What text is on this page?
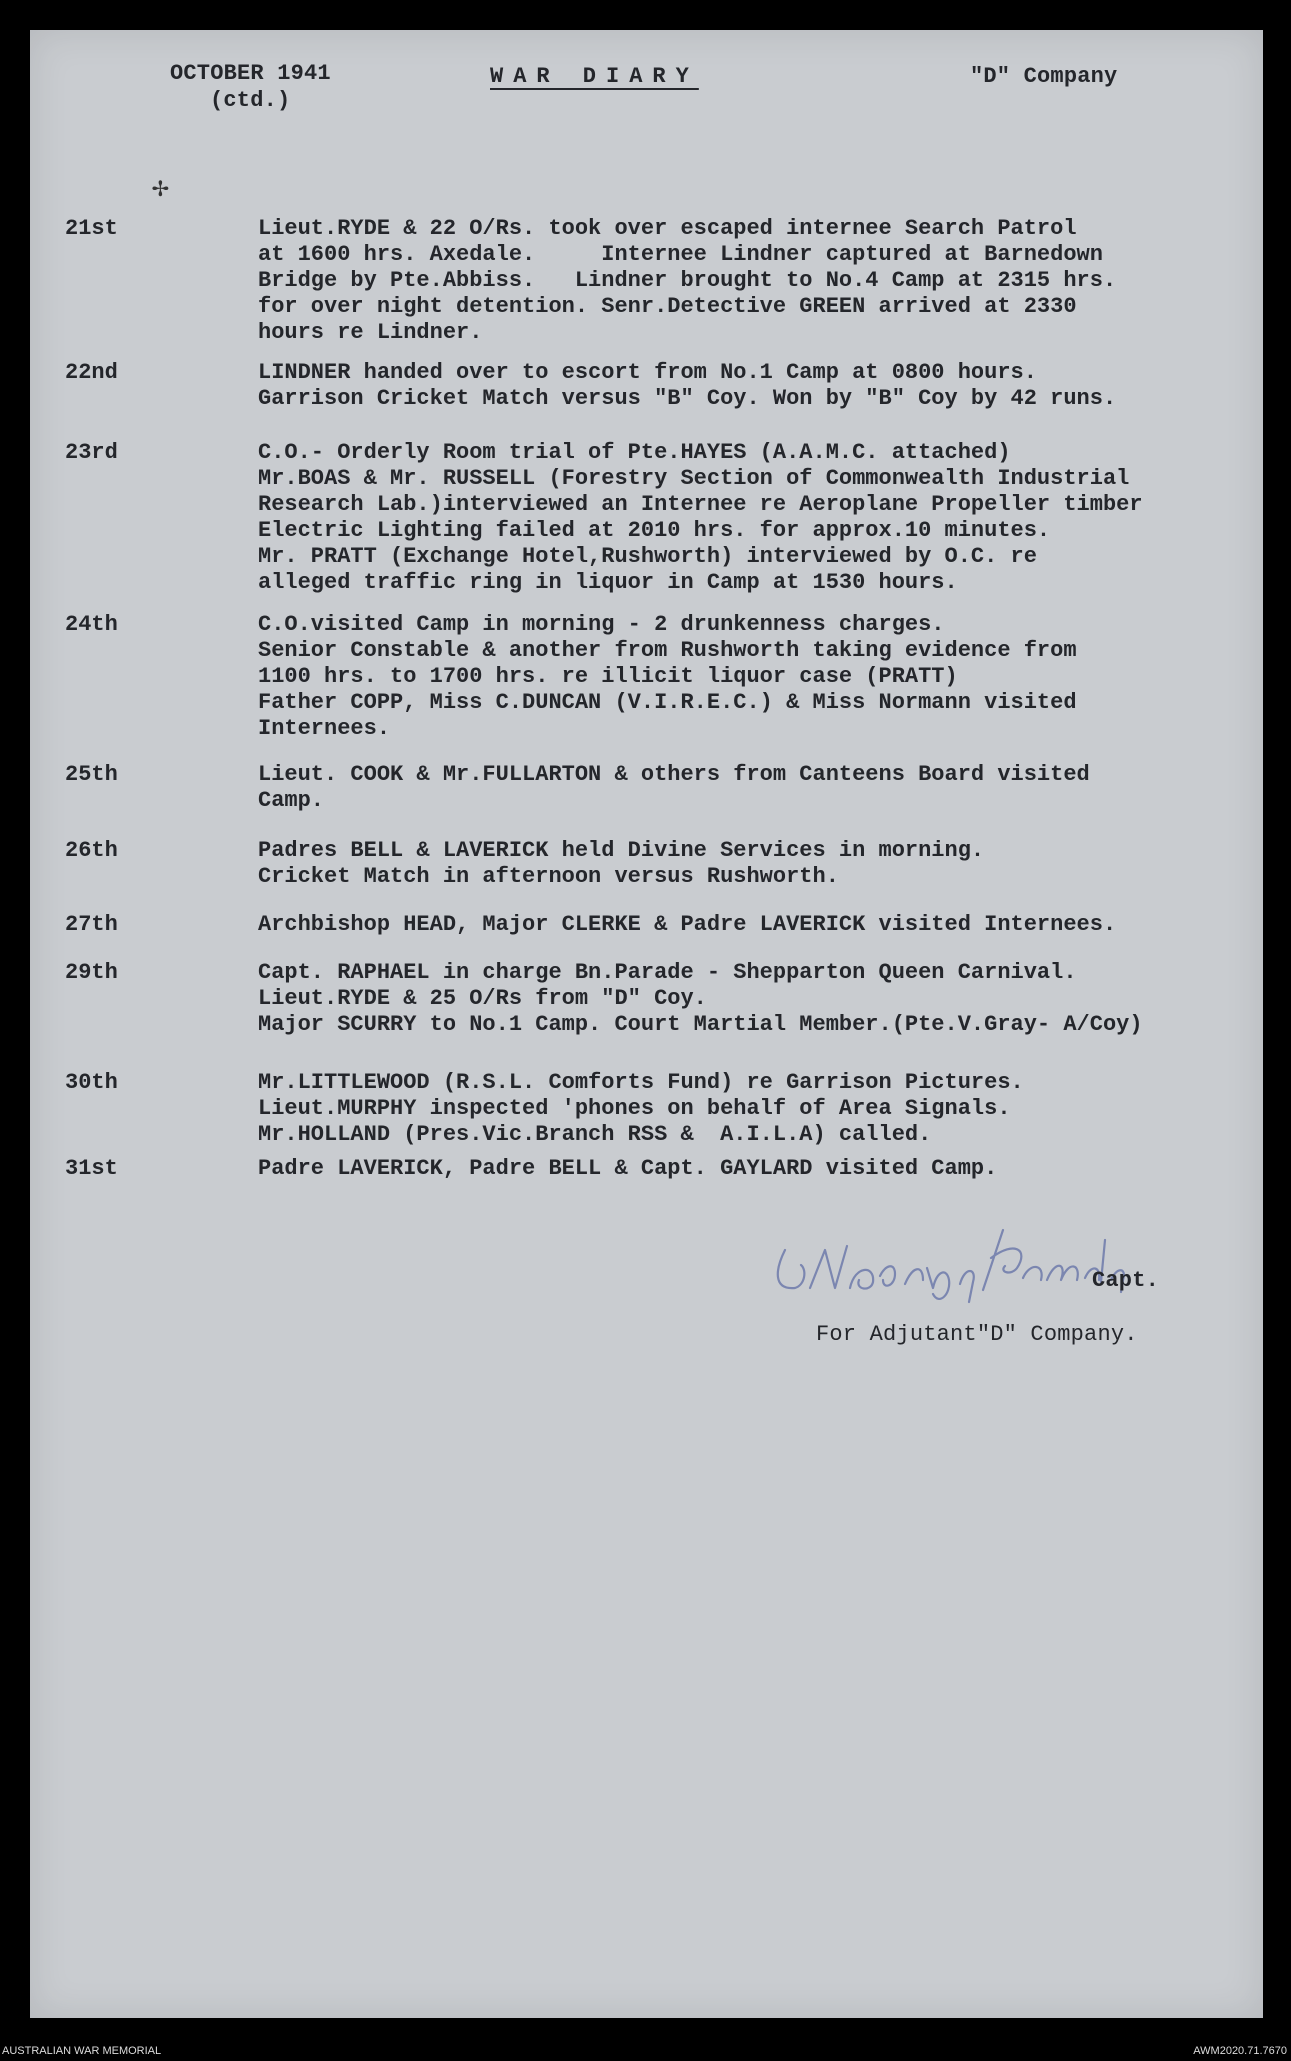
OCTOBER 1941
(ctd.)
WAR DIARY	"D" Company
✢
21st	Lieut.RYDE & 22 O/Rs. took over escaped internee Search Patrol
at 1600 hrs. Axedale.     Internee Lindner captured at Barnedown
Bridge by Pte.Abbiss.   Lindner brought to No.4 Camp at 2315 hrs.
for over night detention. Senr.Detective GREEN arrived at 2330
hours re Lindner.
22nd	LINDNER handed over to escort from No.1 Camp at 0800 hours.
Garrison Cricket Match versus "B" Coy. Won by "B" Coy by 42 runs.
23rd	C.O.- Orderly Room trial of Pte.HAYES (A.A.M.C. attached)
Mr.BOAS & Mr. RUSSELL (Forestry Section of Commonwealth Industrial
Research Lab.)interviewed an Internee re Aeroplane Propeller timber
Electric Lighting failed at 2010 hrs. for approx.10 minutes.
Mr. PRATT (Exchange Hotel,Rushworth) interviewed by O.C. re
alleged traffic ring in liquor in Camp at 1530 hours.
24th	C.O.visited Camp in morning - 2 drunkenness charges.
Senior Constable & another from Rushworth taking evidence from
1100 hrs. to 1700 hrs. re illicit liquor case (PRATT)
Father COPP, Miss C.DUNCAN (V.I.R.E.C.) & Miss Normann visited
Internees.
25th	Lieut. COOK & Mr.FULLARTON & others from Canteens Board visited
Camp.
26th	Padres BELL & LAVERICK held Divine Services in morning.
Cricket Match in afternoon versus Rushworth.
27th	Archbishop HEAD, Major CLERKE & Padre LAVERICK visited Internees.
29th	Capt. RAPHAEL in charge Bn.Parade - Shepparton Queen Carnival.
Lieut.RYDE & 25 O/Rs from "D" Coy.
Major SCURRY to No.1 Camp. Court Martial Member.(Pte.V.Gray- A/Coy)
30th	Mr.LITTLEWOOD (R.S.L. Comforts Fund) re Garrison Pictures.
Lieut.MURPHY inspected 'phones on behalf of Area Signals.
Mr.HOLLAND (Pres.Vic.Branch RSS &  A.I.L.A) called.
31st	Padre LAVERICK, Padre BELL & Capt. GAYLARD visited Camp.
Capt.
For Adjutant"D" Company.
AUSTRALIAN WAR MEMORIAL	AWM2020.71.7670
